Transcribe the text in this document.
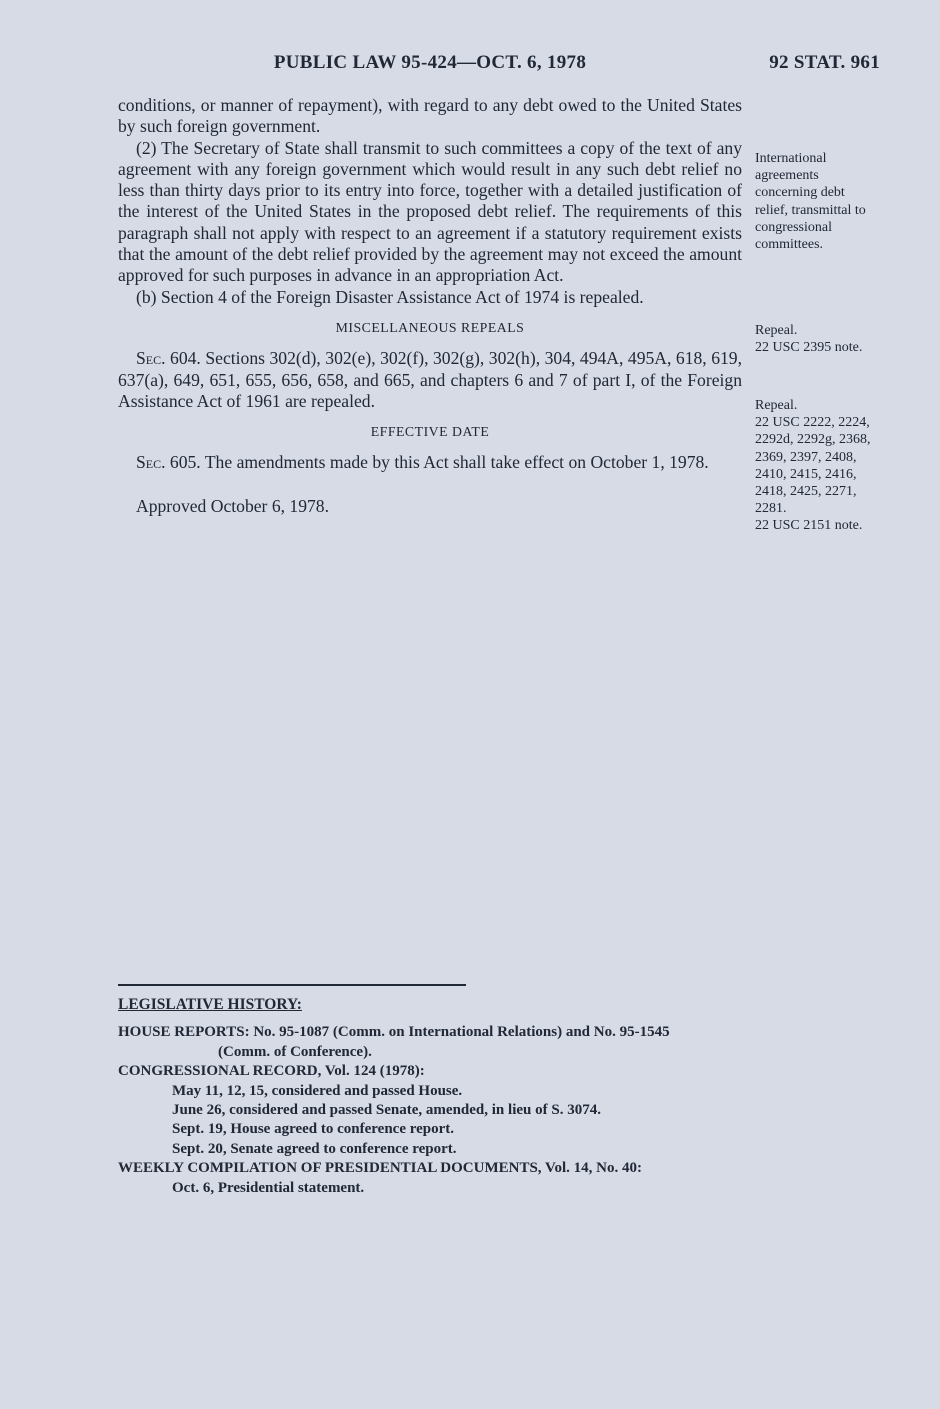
PUBLIC LAW 95-424—OCT. 6, 1978	92 STAT. 961

conditions, or manner of repayment), with regard to any debt owed to the United States by such foreign government.

(2) The Secretary of State shall transmit to such committees a copy of the text of any agreement with any foreign government which would result in any such debt relief no less than thirty days prior to its entry into force, together with a detailed justification of the interest of the United States in the proposed debt relief. The requirements of this paragraph shall not apply with respect to an agreement if a statutory requirement exists that the amount of the debt relief provided by the agreement may not exceed the amount approved for such purposes in advance in an appropriation Act.

(b) Section 4 of the Foreign Disaster Assistance Act of 1974 is repealed.

MISCELLANEOUS REPEALS

Sec. 604. Sections 302(d), 302(e), 302(f), 302(g), 302(h), 304, 494A, 495A, 618, 619, 637(a), 649, 651, 655, 656, 658, and 665, and chapters 6 and 7 of part I, of the Foreign Assistance Act of 1961 are repealed.

EFFECTIVE DATE

Sec. 605. The amendments made by this Act shall take effect on October 1, 1978.

Approved October 6, 1978.

International agreements concerning debt relief, transmittal to congressional committees.
Repeal.
22 USC 2395 note.
Repeal.
22 USC 2222, 2224, 2292d, 2292g, 2368, 2369, 2397, 2408, 2410, 2415, 2416, 2418, 2425, 2271, 2281.
22 USC 2151 note.
LEGISLATIVE HISTORY:
HOUSE REPORTS: No. 95-1087 (Comm. on International Relations) and No. 95-1545
(Comm. of Conference).
CONGRESSIONAL RECORD, Vol. 124 (1978):
May 11, 12, 15, considered and passed House.
June 26, considered and passed Senate, amended, in lieu of S. 3074.
Sept. 19, House agreed to conference report.
Sept. 20, Senate agreed to conference report.
WEEKLY COMPILATION OF PRESIDENTIAL DOCUMENTS, Vol. 14, No. 40:
Oct. 6, Presidential statement.
